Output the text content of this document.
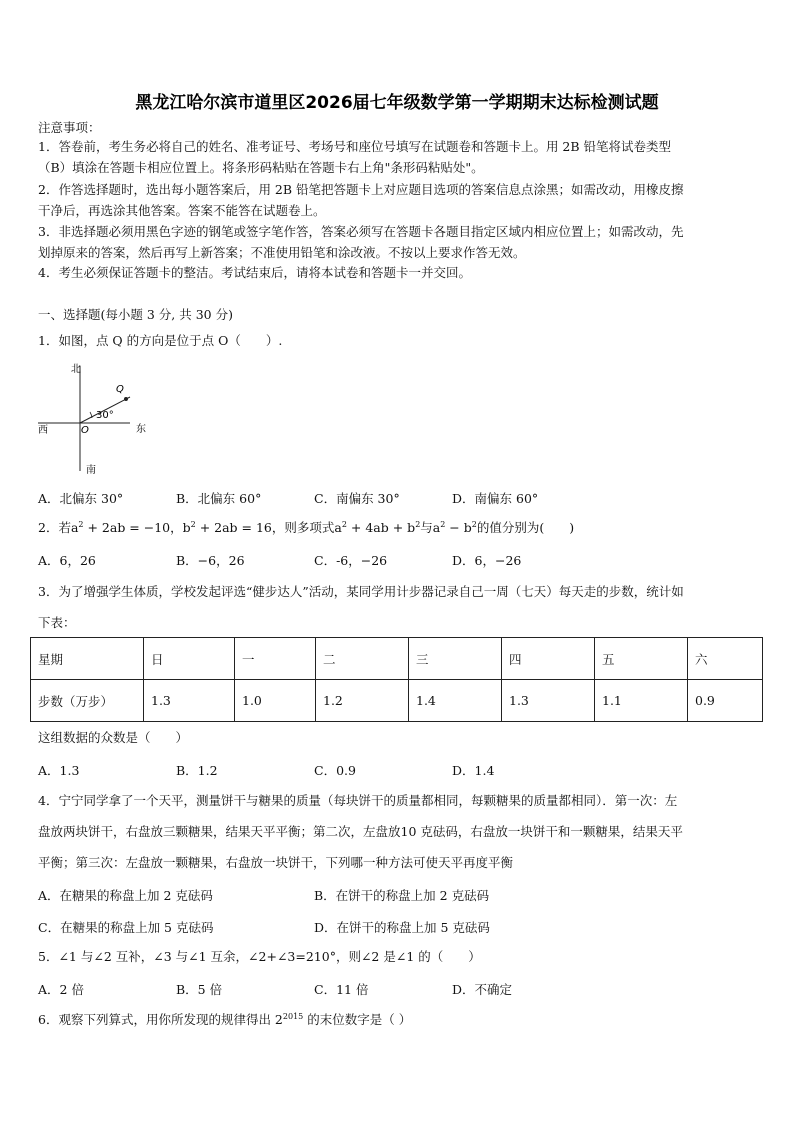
黑龙江哈尔滨市道里区2026届七年级数学第一学期期末达标检测试题
注意事项：
1．答卷前，考生务必将自己的姓名、准考证号、考场号和座位号填写在试题卷和答题卡上。用 2B 铅笔将试卷类型
（B）填涂在答题卡相应位置上。将条形码粘贴在答题卡右上角"条形码粘贴处"。
2．作答选择题时，选出每小题答案后，用 2B 铅笔把答题卡上对应题目选项的答案信息点涂黑；如需改动，用橡皮擦
干净后，再选涂其他答案。答案不能答在试题卷上。
3．非选择题必须用黑色字迹的钢笔或签字笔作答，答案必须写在答题卡各题目指定区域内相应位置上；如需改动，先
划掉原来的答案，然后再写上新答案；不准使用铅笔和涂改液。不按以上要求作答无效。
4．考生必须保证答题卡的整洁。考试结束后，请将本试卷和答题卡一并交回。
一、选择题(每小题 3 分, 共 30 分)
1．如图，点 Q 的方向是位于点 O（　　）.
北
南
西	东
Q
O
30°
A．北偏东 30°	B．北偏东 60°	C．南偏东 30°	D．南偏东 60°
2．若$a^2 + 2ab = -10$，$b^2 + 2ab = 16$，则多项式$a^2 + 4ab + b^2$与$a^2 - b^2$的值分别为(　　)
A．6，26	B．−6，26	C．-6，−26	D．6，−26
3．为了增强学生体质，学校发起评选“健步达人”活动，某同学用计步器记录自己一周（七天）每天走的步数，统计如
下表：
星期	日	一	二	三	四	五	六
步数（万步）	1.3	1.0	1.2	1.4	1.3	1.1	0.9
这组数据的众数是（　　）
A．1.3	B．1.2	C．0.9	D．1.4
4．宁宁同学拿了一个天平，测量饼干与糖果的质量（每块饼干的质量都相同，每颗糖果的质量都相同）．第一次：左
盘放两块饼干，右盘放三颗糖果，结果天平平衡；第二次，左盘放10 克砝码，右盘放一块饼干和一颗糖果，结果天平
平衡；第三次：左盘放一颗糖果，右盘放一块饼干，下列哪一种方法可使天平再度平衡
A．在糖果的称盘上加 2 克砝码	B．在饼干的称盘上加 2 克砝码
C．在糖果的称盘上加 5 克砝码	D．在饼干的称盘上加 5 克砝码
5．∠1 与∠2 互补，∠3 与∠1 互余，∠2+∠3=210°，则∠2 是∠1 的（　　）
A．2 倍	B．5 倍	C．11 倍	D．不确定
6．观察下列算式，用你所发现的规律得出 $2^{2015}$ 的末位数字是（ ）
